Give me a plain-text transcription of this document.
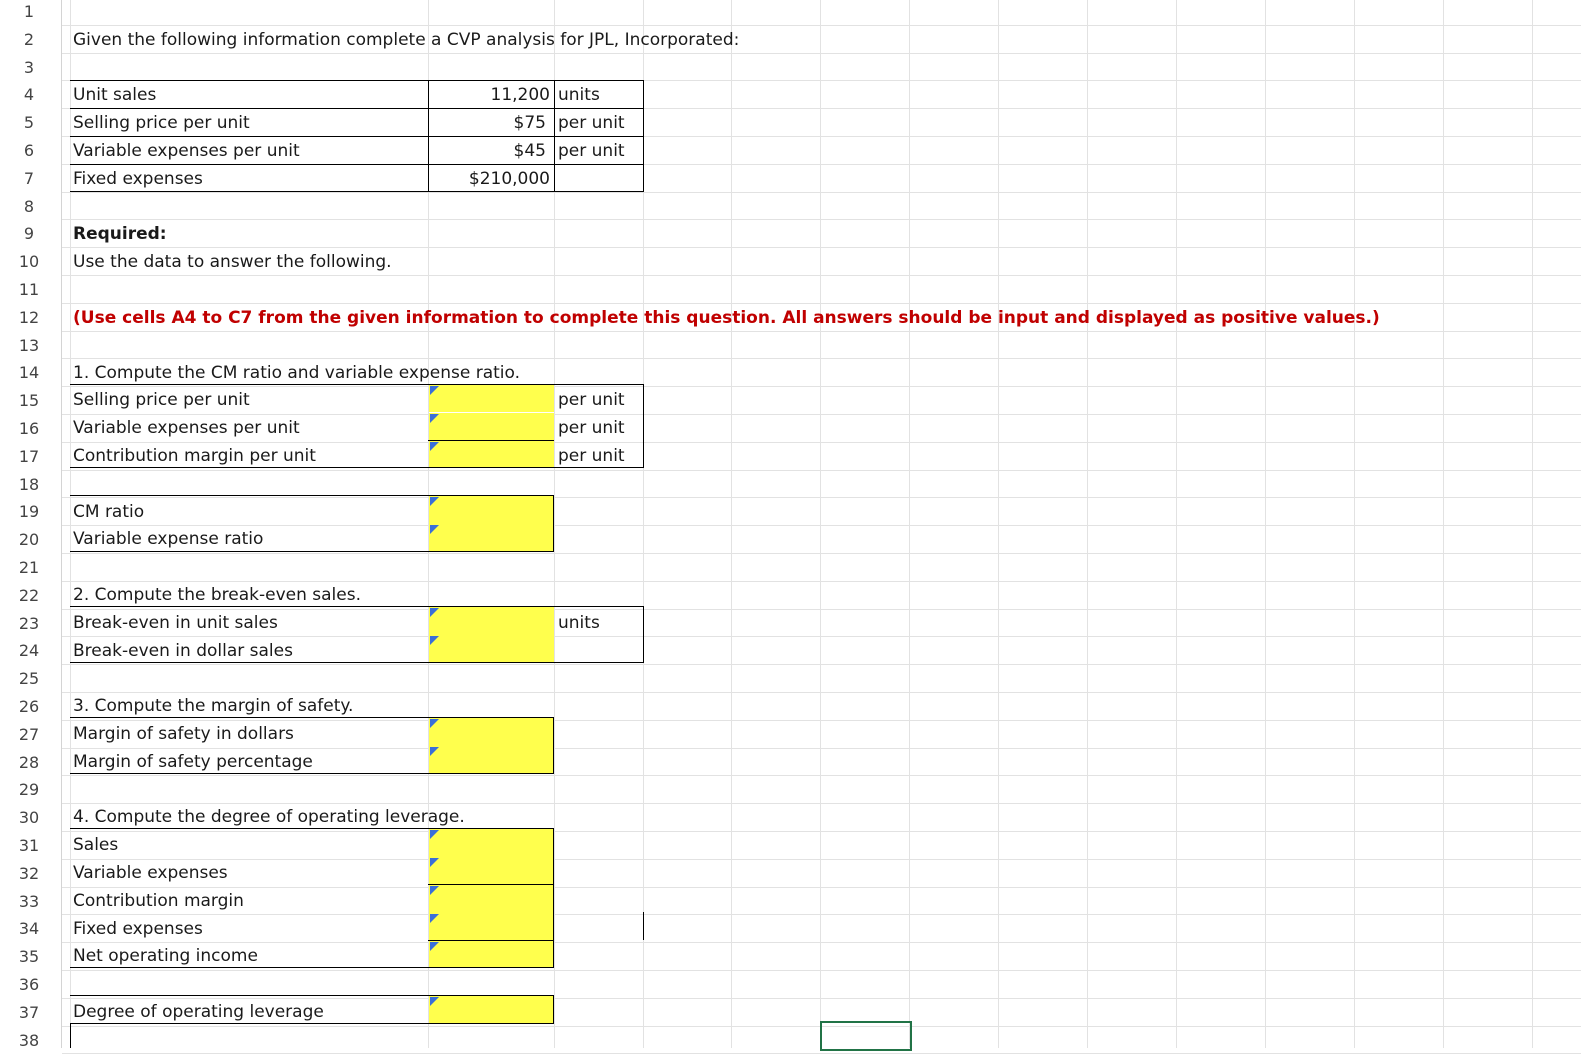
1
2
3
4
5
6
7
8
9
10
11
12
13
14
15
16
17
18
19
20
21
22
23
24
25
26
27
28
29
30
31
32
33
34
35
36
37
38
Given the following information complete a CVP analysis for JPL, Incorporated:
Unit sales	11,200 units
Selling price per unit	$75 per unit
Variable expenses per unit	$45 per unit
Fixed expenses	$210,000
Required:
Use the data to answer the following.
(Use cells A4 to C7 from the given information to complete this question. All answers should be input and displayed as positive values.)
1. Compute the CM ratio and variable expense ratio.
Selling price per unit	per unit
Variable expenses per unit	per unit
Contribution margin per unit	per unit
CM ratio
Variable expense ratio
2. Compute the break-even sales.
Break-even in unit sales	units
Break-even in dollar sales
3. Compute the margin of safety.
Margin of safety in dollars
Margin of safety percentage
4. Compute the degree of operating leverage.
Sales
Variable expenses
Contribution margin
Fixed expenses
Net operating income
Degree of operating leverage
